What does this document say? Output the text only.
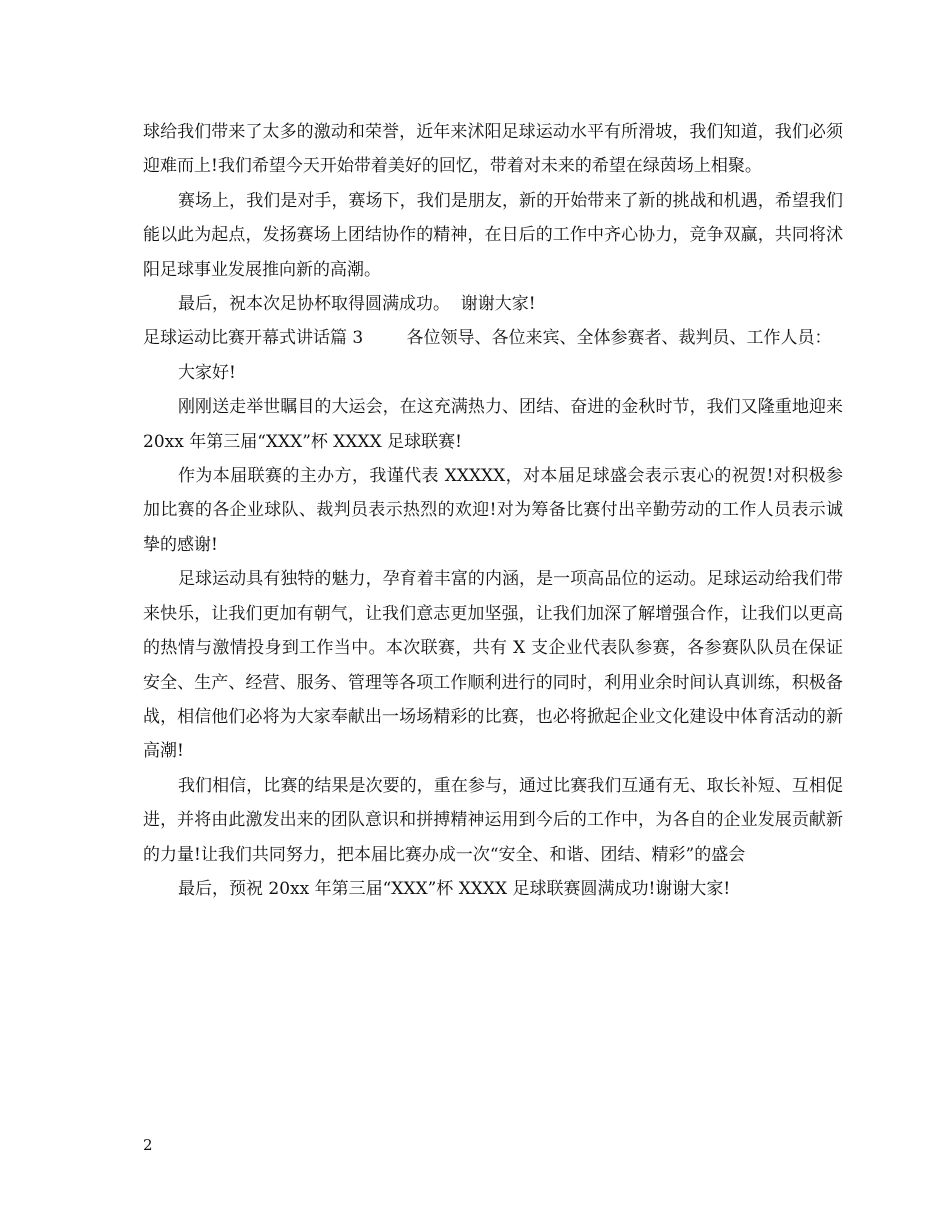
球给我们带来了太多的激动和荣誉，近年来沭阳足球运动水平有所滑坡，我们知道，我们必须迎难而上!我们希望今天开始带着美好的回忆，带着对未来的希望在绿茵场上相聚。

赛场上，我们是对手，赛场下，我们是朋友，新的开始带来了新的挑战和机遇，希望我们能以此为起点，发扬赛场上团结协作的精神，在日后的工作中齐心协力，竞争双赢，共同将沭阳足球事业发展推向新的高潮。

最后，祝本次足协杯取得圆满成功。  谢谢大家!

足球运动比赛开幕式讲话篇 3        各位领导、各位来宾、全体参赛者、裁判员、工作人员：

大家好!

刚刚送走举世瞩目的大运会，在这充满热力、团结、奋进的金秋时节，我们又隆重地迎来 20xx 年第三届“XXX”杯 XXXX 足球联赛!

作为本届联赛的主办方，我谨代表 XXXXX，对本届足球盛会表示衷心的祝贺!对积极参加比赛的各企业球队、裁判员表示热烈的欢迎!对为筹备比赛付出辛勤劳动的工作人员表示诚挚的感谢!

足球运动具有独特的魅力，孕育着丰富的内涵，是一项高品位的运动。足球运动给我们带来快乐，让我们更加有朝气，让我们意志更加坚强，让我们加深了解增强合作，让我们以更高的热情与激情投身到工作当中。本次联赛，共有 X 支企业代表队参赛，各参赛队队员在保证安全、生产、经营、服务、管理等各项工作顺利进行的同时，利用业余时间认真训练，积极备战，相信他们必将为大家奉献出一场场精彩的比赛，也必将掀起企业文化建设中体育活动的新高潮!

我们相信，比赛的结果是次要的，重在参与，通过比赛我们互通有无、取长补短、互相促进，并将由此激发出来的团队意识和拼搏精神运用到今后的工作中，为各自的企业发展贡献新的力量!让我们共同努力，把本届比赛办成一次“安全、和谐、团结、精彩”的盛会

最后，预祝 20xx 年第三届“XXX”杯 XXXX 足球联赛圆满成功!谢谢大家!

2
